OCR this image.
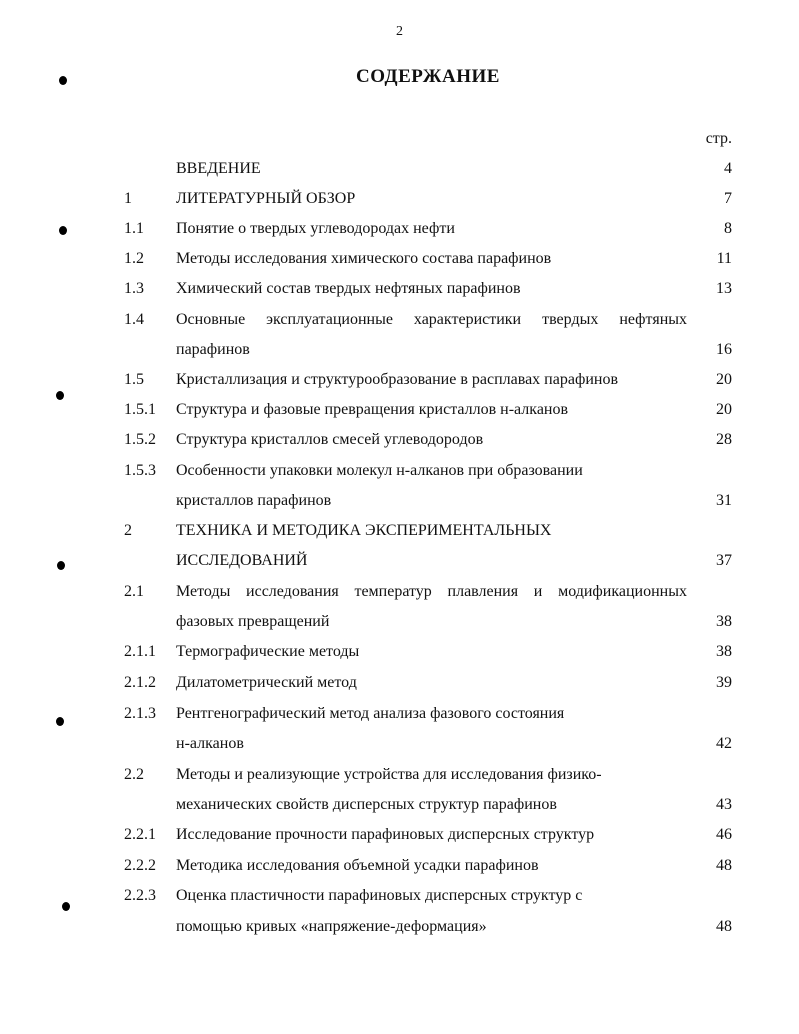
2
СОДЕРЖАНИЕ
стр.
ВВЕДЕНИЕ	4
1	ЛИТЕРАТУРНЫЙ ОБЗОР	7
1.1 Понятие о твердых углеводородах нефти	8
1.2 Методы исследования химического состава парафинов	11
1.3 Химический состав твердых нефтяных парафинов	13
1.4 Основные эксплуатационные характеристики твердых нефтяных
парафинов	16
1.5 Кристаллизация и структурообразование в расплавах парафинов	20
1.5.1 Структура и фазовые превращения кристаллов н-алканов	20
1.5.2 Структура кристаллов смесей углеводородов	28
1.5.3 Особенности упаковки молекул н-алканов при образовании
кристаллов парафинов	31
2	ТЕХНИКА И МЕТОДИКА ЭКСПЕРИМЕНТАЛЬНЫХ
ИССЛЕДОВАНИЙ	37
2.1 Методы исследования температур плавления и модификационных
фазовых превращений	38
2.1.1 Термографические методы	38
2.1.2 Дилатометрический метод	39
2.1.3 Рентгенографический метод анализа фазового состояния
н-алканов	42
2.2 Методы и реализующие устройства для исследования физико-
механических свойств дисперсных структур парафинов	43
2.2.1 Исследование прочности парафиновых дисперсных структур	46
2.2.2 Методика исследования объемной усадки парафинов	48
2.2.3 Оценка пластичности парафиновых дисперсных структур с
помощью кривых «напряжение-деформация»	48
